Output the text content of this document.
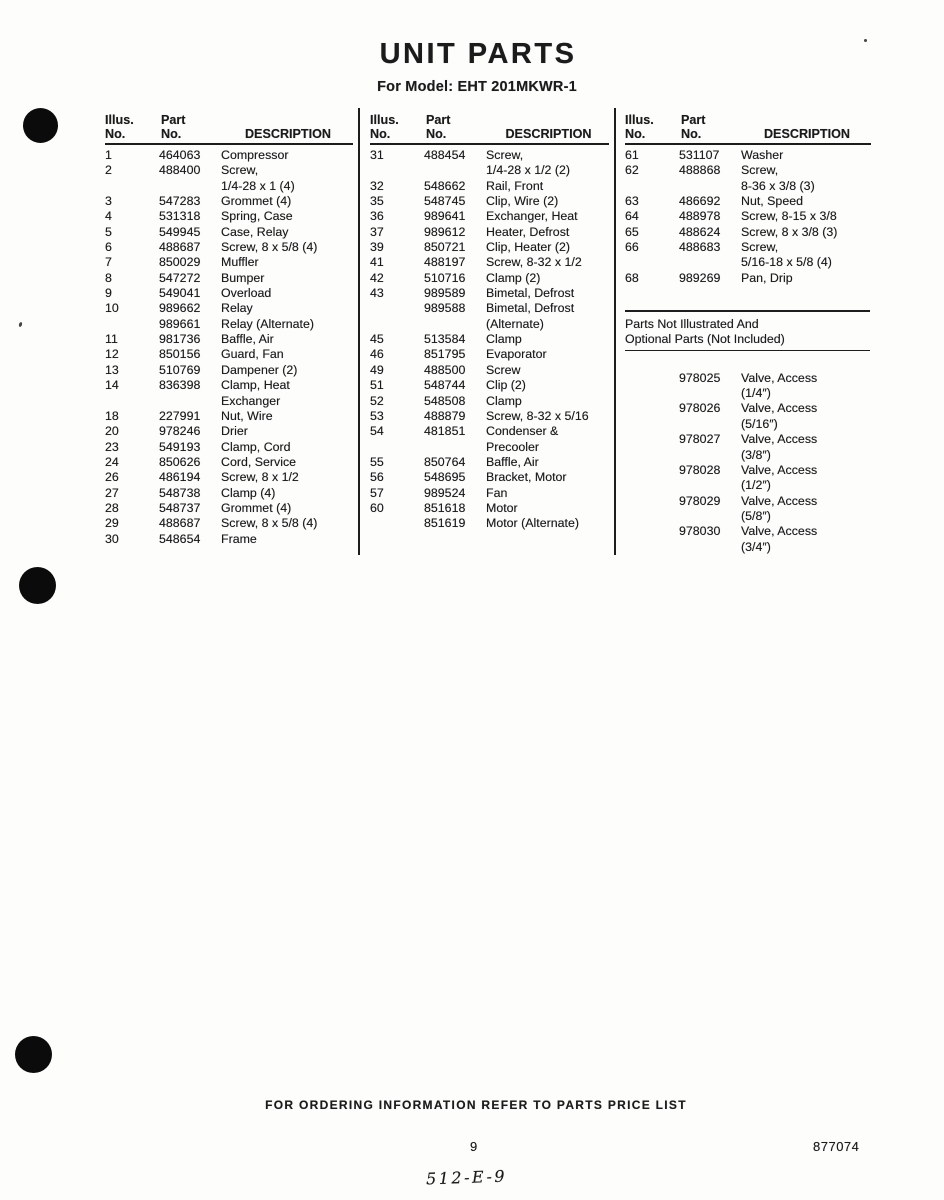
UNIT PARTS
For Model: EHT 201MKWR-1
Illus.
No.
Part
No.	DESCRIPTION
1	464063	Compressor
2	488400	Screw,
1/4-28 x 1 (4)
3	547283	Grommet (4)
4	531318	Spring, Case
5	549945	Case, Relay
6	488687	Screw, 8 x 5/8 (4)
7	850029	Muffler
8	547272	Bumper
9	549041	Overload
10	989662	Relay
989661	Relay (Alternate)
11	981736	Baffle, Air
12	850156	Guard, Fan
13	510769	Dampener (2)
14	836398	Clamp, Heat
Exchanger
18	227991	Nut, Wire
20	978246	Drier
23	549193	Clamp, Cord
24	850626	Cord, Service
26	486194	Screw, 8 x 1/2
27	548738	Clamp (4)
28	548737	Grommet (4)
29	488687	Screw, 8 x 5/8 (4)
30	548654	Frame
Illus.
No.
Part
No.	DESCRIPTION
31	488454	Screw,
1/4-28 x 1/2 (2)
32	548662	Rail, Front
35	548745	Clip, Wire (2)
36	989641	Exchanger, Heat
37	989612	Heater, Defrost
39	850721	Clip, Heater (2)
41	488197	Screw, 8-32 x 1/2
42	510716	Clamp (2)
43	989589	Bimetal, Defrost
989588	Bimetal, Defrost
(Alternate)
45	513584	Clamp
46	851795	Evaporator
49	488500	Screw
51	548744	Clip (2)
52	548508	Clamp
53	488879	Screw, 8-32 x 5/16
54	481851	Condenser &
Precooler
55	850764	Baffle, Air
56	548695	Bracket, Motor
57	989524	Fan
60	851618	Motor
851619	Motor (Alternate)
Illus.
No.
Part
No.	DESCRIPTION
61	531107	Washer
62	488868	Screw,
8-36 x 3/8 (3)
63	486692	Nut, Speed
64	488978	Screw, 8-15 x 3/8
65	488624	Screw, 8 x 3/8 (3)
66	488683	Screw,
5/16-18 x 5/8 (4)
68	989269	Pan, Drip
Parts Not Illustrated And
Optional Parts (Not Included)
978025	Valve, Access
(1/4″)
978026	Valve, Access
(5/16″)
978027	Valve, Access
(3/8″)
978028	Valve, Access
(1/2″)
978029	Valve, Access
(5/8″)
978030	Valve, Access
(3/4″)
FOR ORDERING INFORMATION REFER TO PARTS PRICE LIST
9	877074
512-E-9
